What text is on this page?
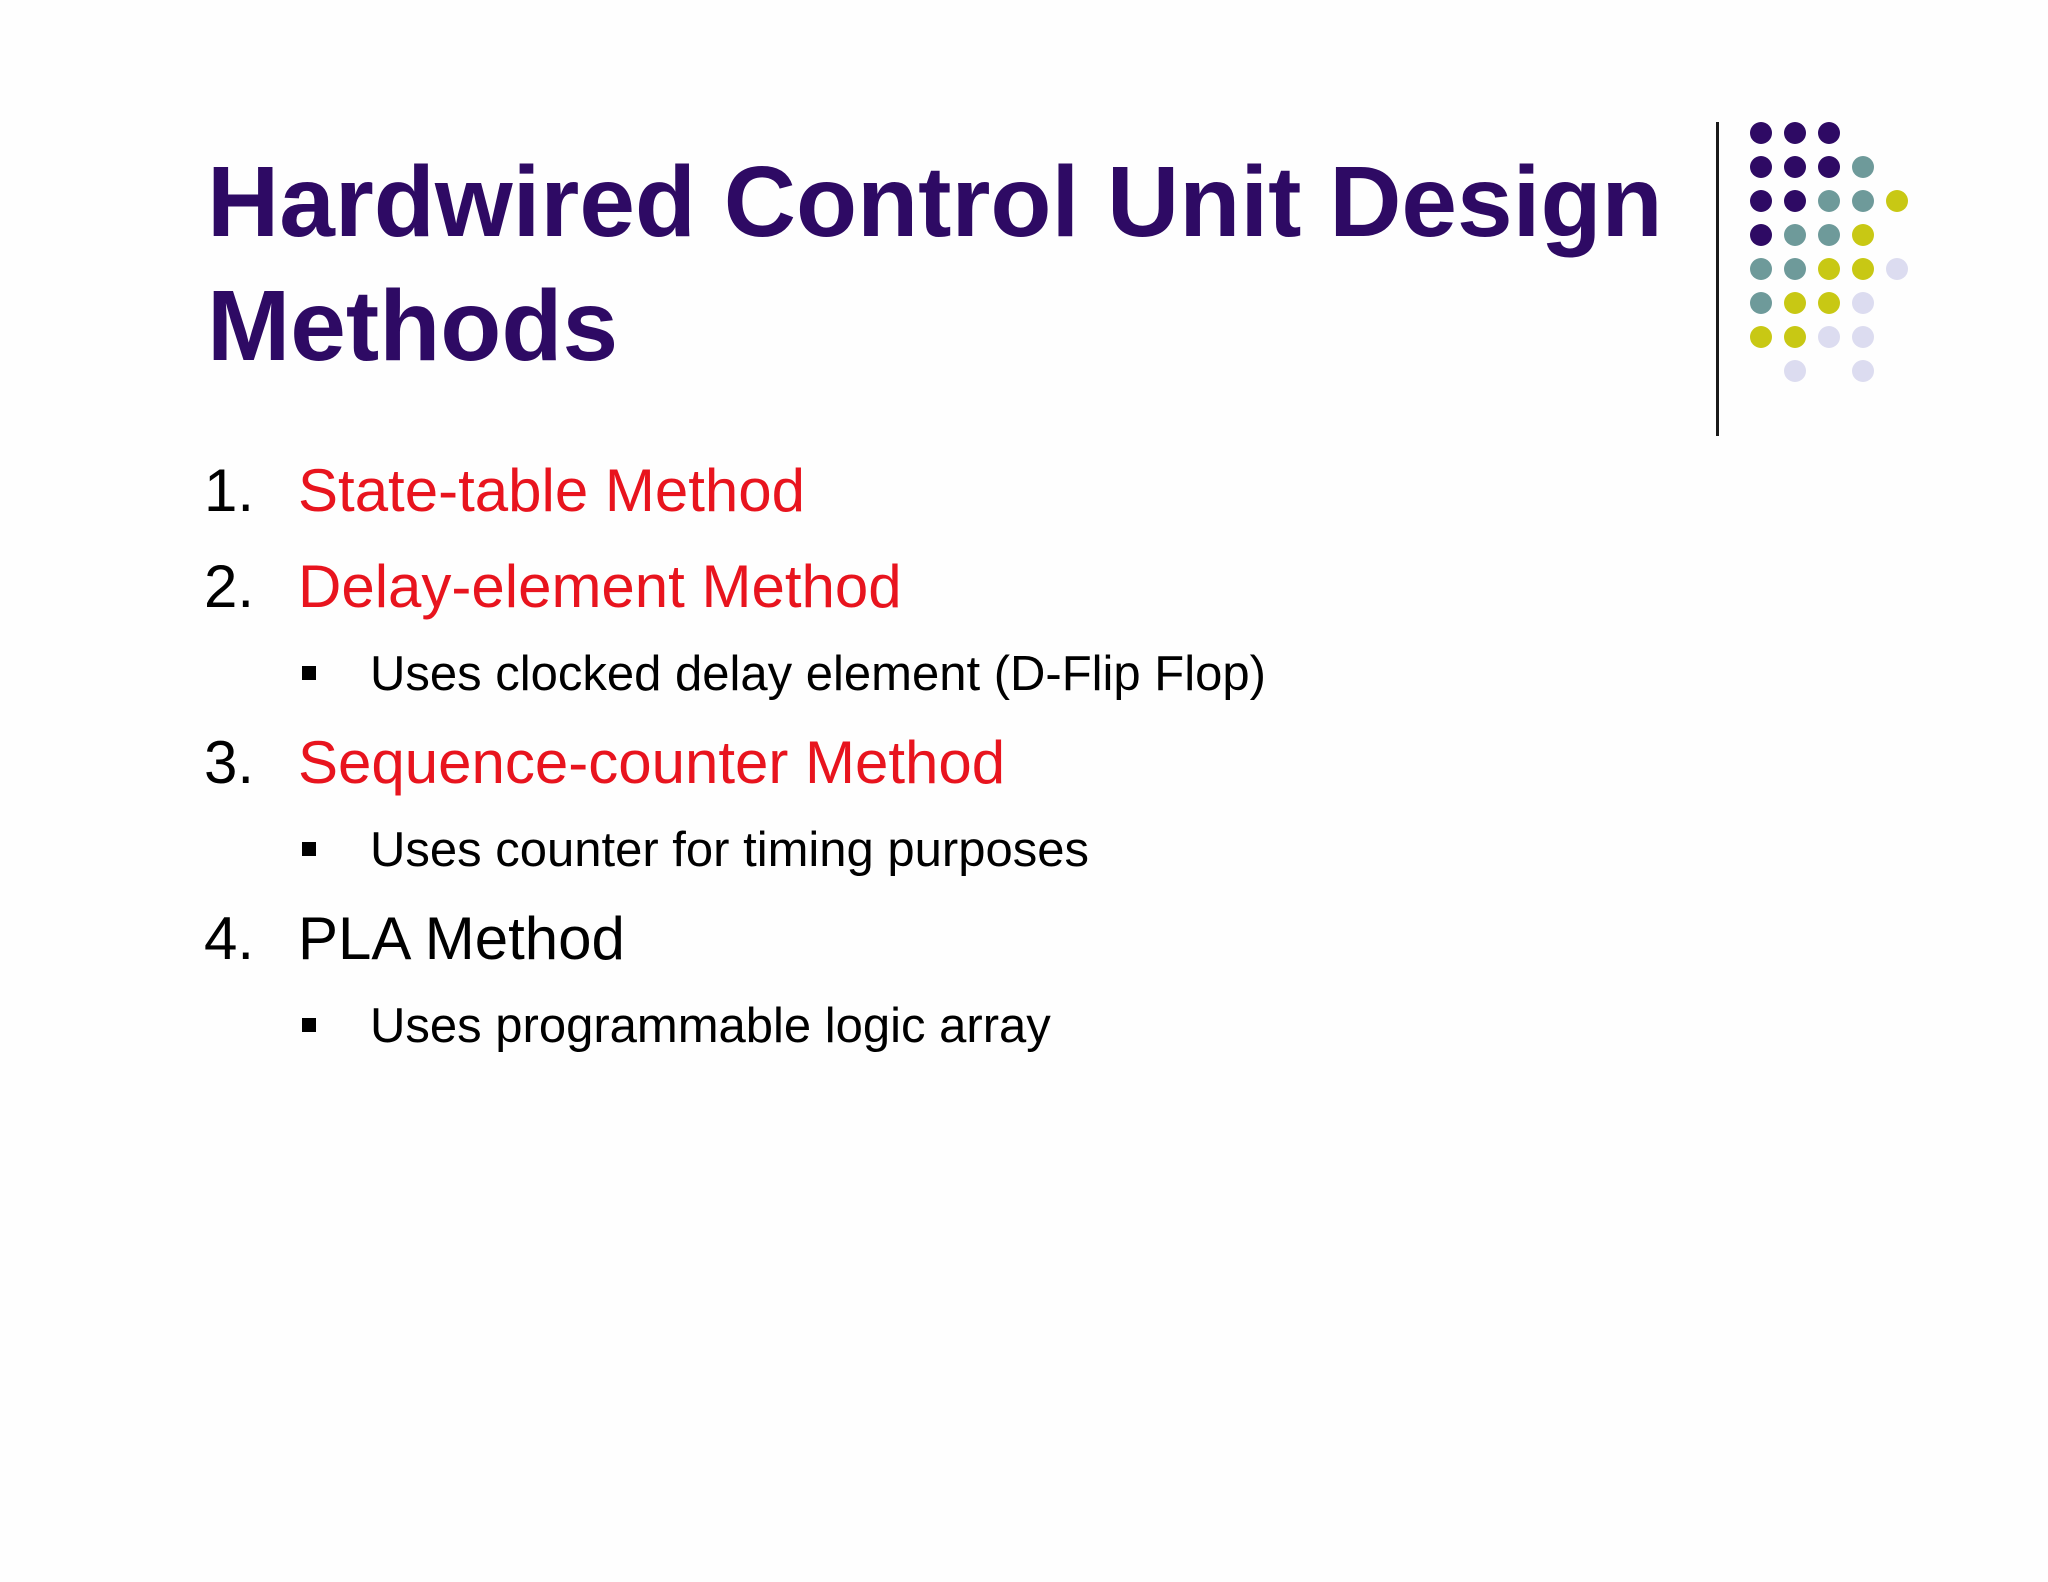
Hardwired Control Unit Design Methods
1. State-table Method
2. Delay-element Method
Uses clocked delay element (D-Flip Flop)
3. Sequence-counter Method
Uses counter for timing purposes
4. PLA Method
Uses programmable logic array
